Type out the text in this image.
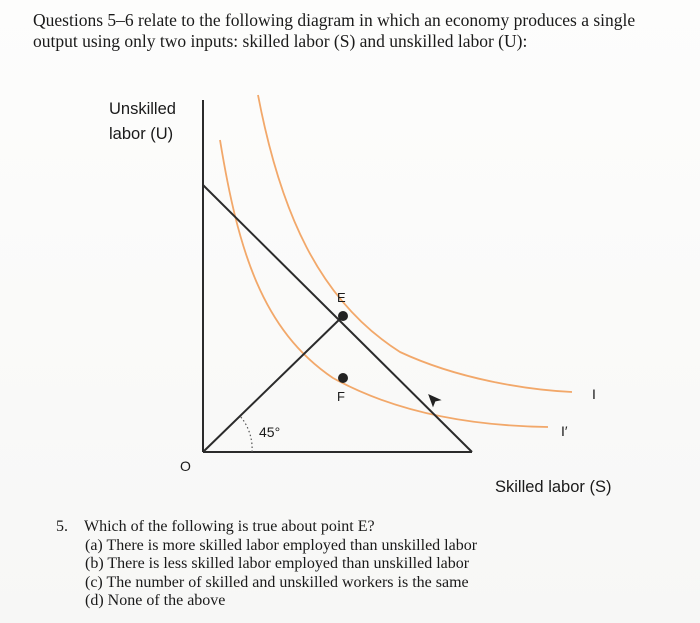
Questions 5–6 relate to the following diagram in which an economy produces a single
output using only two inputs: skilled labor (S) and unskilled labor (U):
Unskilled
labor (U)
Skilled labor (S)
O
45°
E
F	I
I′
5. Which of the following is true about point E?
(a) There is more skilled labor employed than unskilled labor
(b) There is less skilled labor employed than unskilled labor
(c) The number of skilled and unskilled workers is the same
(d) None of the above
